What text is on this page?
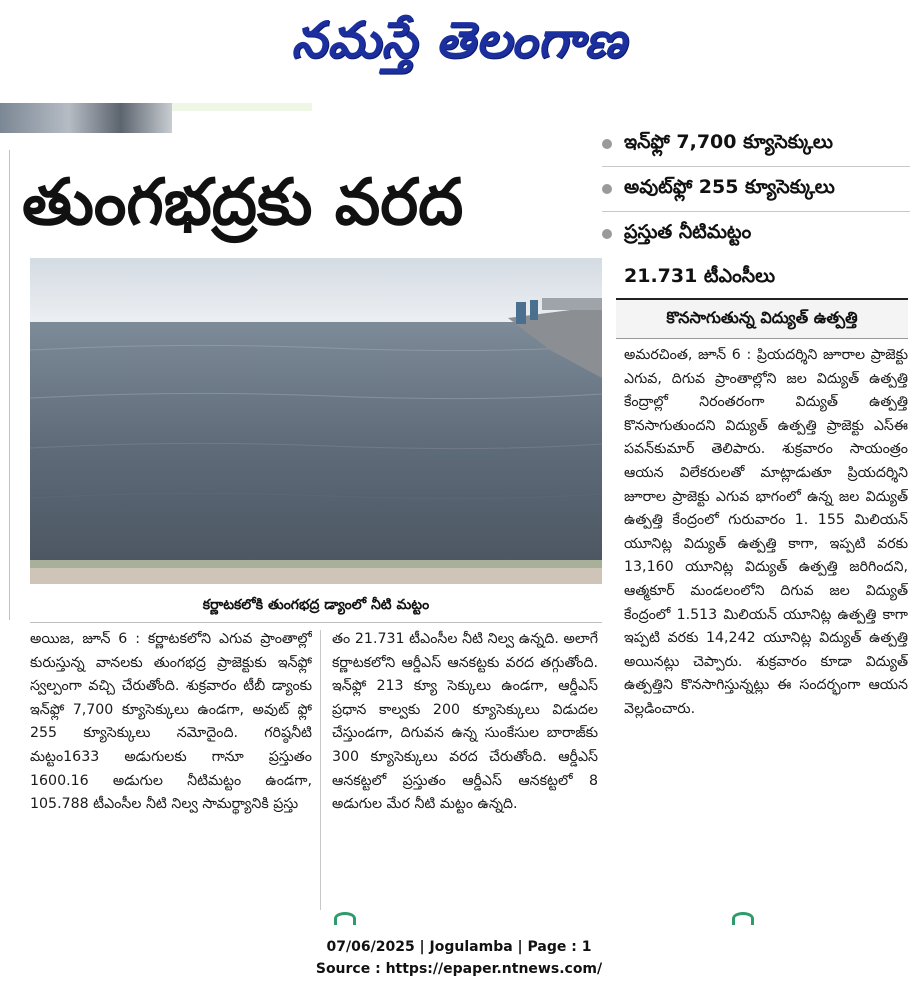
నమస్తే తెలంగాణ
తుంగభద్రకు వరద
ఇన్‌ఫ్లో 7,700 క్యూసెక్కులు
అవుట్‌ఫ్లో 255 క్యూసెక్కులు
ప్రస్తుత నీటిమట్టం
21.731 టీఎంసీలు
కర్ణాటకలోకి తుంగభద్ర డ్యాంలో నీటి మట్టం
అయిజ, జూన్ 6 : కర్ణాటకలోని ఎగువ ప్రాంతాల్లో కురుస్తున్న వానలకు తుంగభద్ర ప్రాజెక్టుకు ఇన్‌ఫ్లో స్వల్పంగా వచ్చి చేరుతోంది. శుక్రవారం టీబీ డ్యాంకు ఇన్‌ఫ్లో 7,700 క్యూసెక్కులు ఉండగా, అవుట్ ఫ్లో 255 క్యూసెక్కులు నమోదైంది. గరిష్ఠనీటి మట్టం1633 అడుగులకు గానూ ప్రస్తుతం 1600.16 అడుగుల నీటిమట్టం ఉండగా, 105.788 టీఎంసీల నీటి నిల్వ సామర్థ్యానికి ప్రస్తు
తం 21.731 టీఎంసీల నీటి నిల్వ ఉన్నది. అలాగే కర్ణాటకలోని ఆర్డీఎస్ ఆనకట్టకు వరద తగ్గుతోంది. ఇన్‌ఫ్లో 213 క్యూ సెక్కులు ఉండగా, ఆర్డీఎస్ ప్రధాన కాల్వకు 200 క్యూసెక్కులు విడుదల చేస్తుండగా, దిగువన ఉన్న సుంకేసుల బారాజ్‌కు 300 క్యూసెక్కులు వరద చేరుతోంది. ఆర్డీఎస్ ఆనకట్టలో ప్రస్తుతం ఆర్డీఎస్ ఆనకట్టలో 8 అడుగుల మేర నీటి మట్టం ఉన్నది.
కొనసాగుతున్న విద్యుత్ ఉత్పత్తి
అమరచింత, జూన్ 6 : ప్రియదర్శిని జూరాల ప్రాజెక్టు ఎగువ, దిగువ ప్రాంతాల్లోని జల విద్యుత్ ఉత్పత్తి కేంద్రాల్లో నిరంతరంగా విద్యుత్ ఉత్పత్తి కొనసాగుతుందని విద్యుత్ ఉత్పత్తి ప్రాజెక్టు ఎస్‌ఈ పవన్‌కుమార్ తెలిపారు. శుక్రవారం సాయంత్రం ఆయన విలేకరులతో మాట్లాడుతూ ప్రియదర్శిని జూరాల ప్రాజెక్టు ఎగువ భాగంలో ఉన్న జల విద్యుత్ ఉత్పత్తి కేంద్రంలో గురువారం 1. 155 మిలియన్ యూనిట్ల విద్యుత్ ఉత్పత్తి కాగా, ఇప్పటి వరకు 13,160 యూనిట్ల విద్యుత్ ఉత్పత్తి జరిగిందని, ఆత్మకూర్ మండలంలోని దిగువ జల విద్యుత్ కేంద్రంలో 1.513 మిలియన్ యూనిట్ల ఉత్పత్తి కాగా ఇప్పటి వరకు 14,242 యూనిట్ల విద్యుత్ ఉత్పత్తి అయినట్లు చెప్పారు. శుక్రవారం కూడా విద్యుత్ ఉత్పత్తిని కొనసాగిస్తున్నట్లు ఈ సందర్భంగా ఆయన వెల్లడించారు.
07/06/2025 | Jogulamba | Page : 1
Source : https://epaper.ntnews.com/
